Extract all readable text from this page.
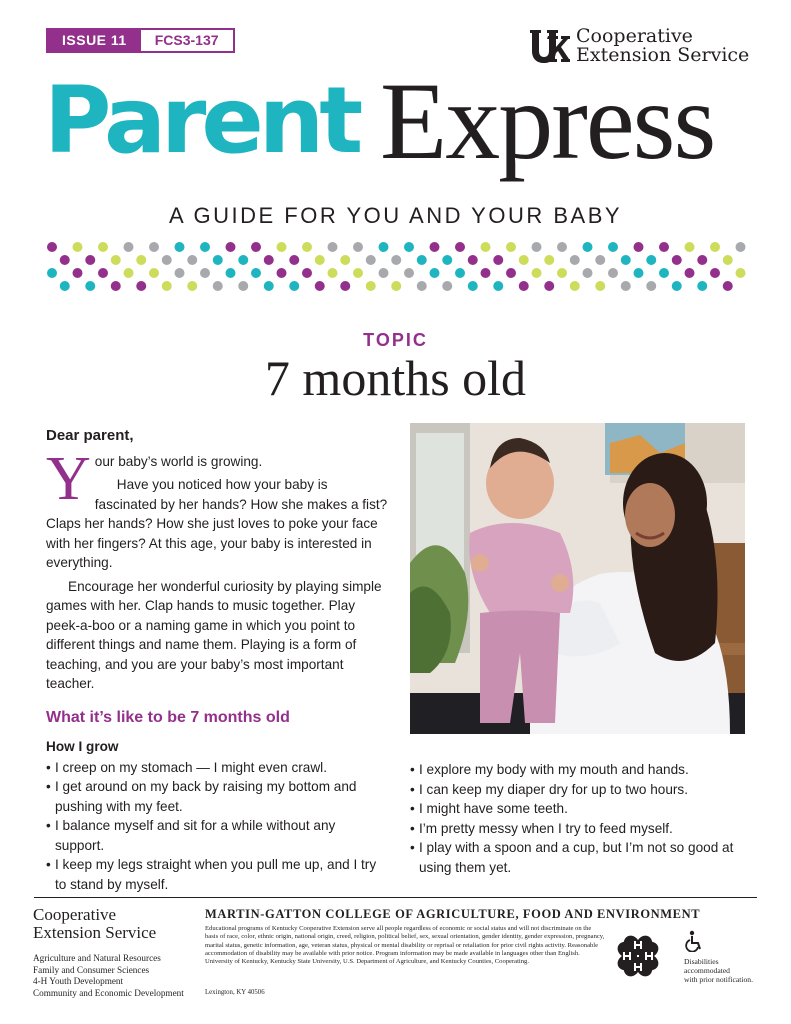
ISSUE 11	FCS3-137	Cooperative
Extension Service
Parent Express
A GUIDE FOR YOU AND YOUR BABY
TOPIC
7 months old
Dear parent,
Y our baby’s world is growing.
Have you noticed how your baby is fascinated by her hands? How she makes a fist? Claps her hands? How she just loves to poke your face with her fingers? At this age, your baby is interested in everything.
Encourage her wonderful curiosity by playing simple games with her. Clap hands to music together. Play peek-a-boo or a naming game in which you point to different things and name them. Playing is a form of teaching, and you are your baby’s most important teacher.
What it’s like to be 7 months old
How I grow
• I creep on my stomach — I might even crawl.
• I get around on my back by raising my bottom and pushing with my feet.
• I balance myself and sit for a while without any support.
• I keep my legs straight when you pull me up, and I try to stand by myself.
• I explore my body with my mouth and hands.
• I can keep my diaper dry for up to two hours.
• I might have some teeth.
• I’m pretty messy when I try to feed myself.
• I play with a spoon and a cup, but I’m not so good at using them yet.
Cooperative
Extension Service
Agriculture and Natural Resources
Family and Consumer Sciences
4-H Youth Development
Community and Economic Development
MARTIN-GATTON COLLEGE OF AGRICULTURE, FOOD AND ENVIRONMENT
Educational programs of Kentucky Cooperative Extension serve all people regardless of economic or social status and will not discriminate on the basis of race, color, ethnic origin, national origin, creed, religion, political belief, sex, sexual orientation, gender identity, gender expression, pregnancy, marital status, genetic information, age, veteran status, physical or mental disability or reprisal or retaliation for prior civil rights activity. Reasonable accommodation of disability may be available with prior notice. Program information may be made available in languages other than English. University of Kentucky, Kentucky State University, U.S. Department of Agriculture, and Kentucky Counties, Cooperating.
Lexington, KY 40506
Disabilities
accommodated
with prior notification.
